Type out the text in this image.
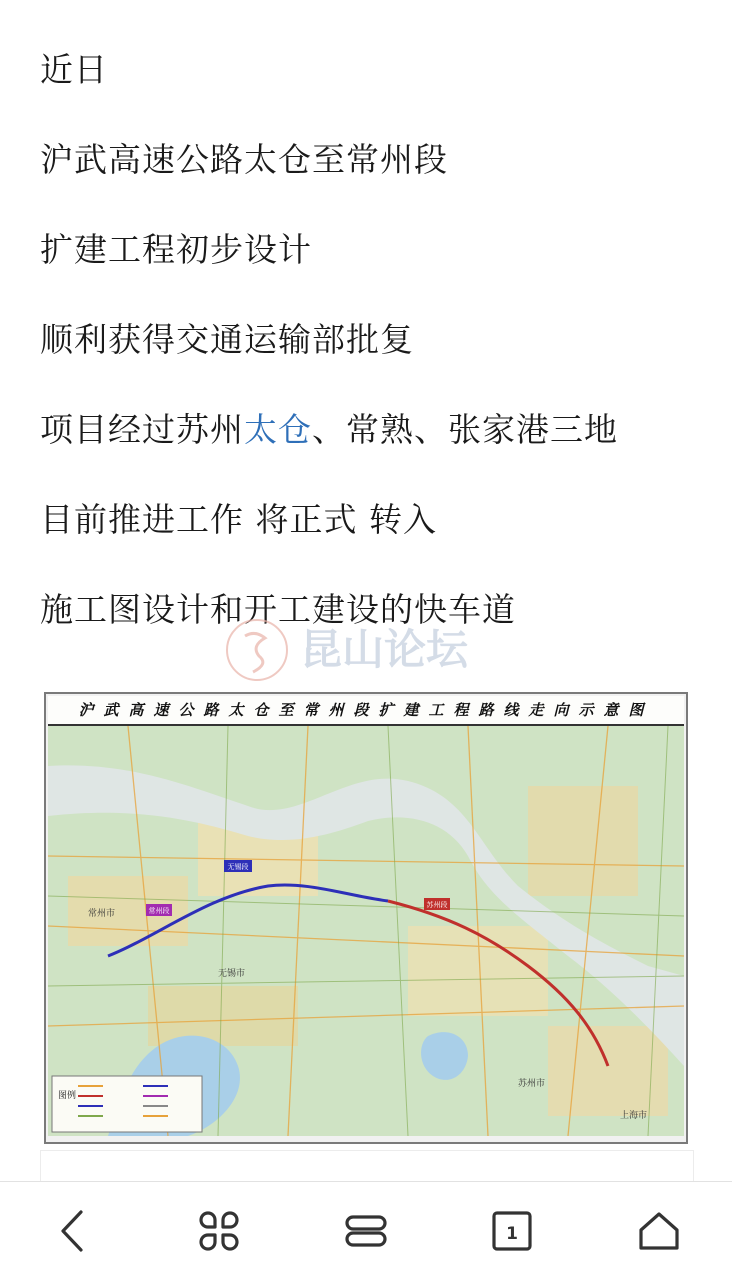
近日
沪武高速公路太仓至常州段
扩建工程初步设计
顺利获得交通运输部批复
项目经过苏州太仓、常熟、张家港三地
目前推进工作 将正式 转入
施工图设计和开工建设的快车道
昆山论坛
沪武高速公路太仓至常州段扩建工程路线走向示意图
无锡段
常州段
苏州段
无锡市
常州市
上海市
苏州市
图例
1
